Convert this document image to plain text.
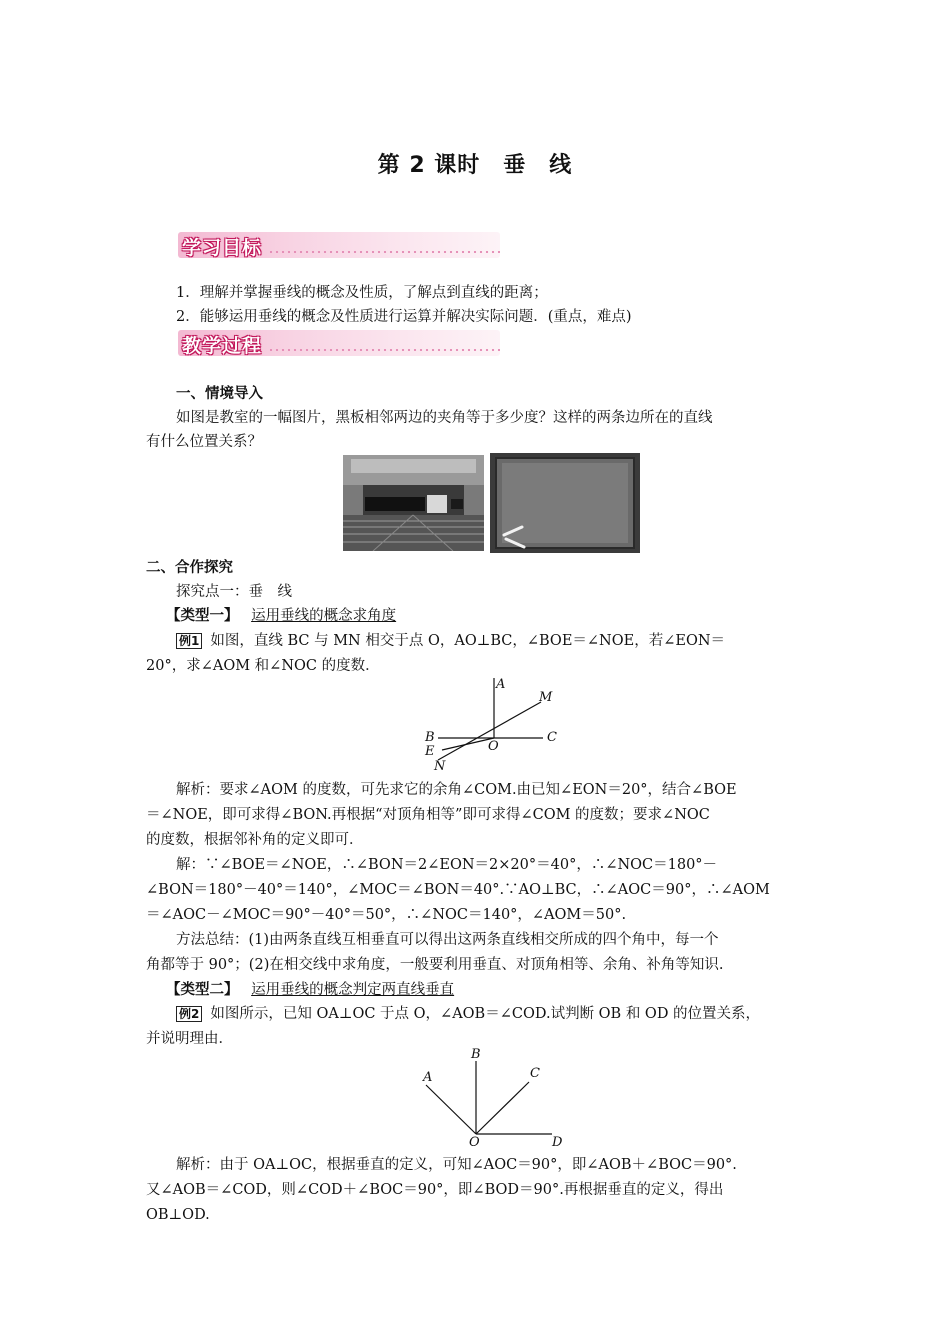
第 2 课时　垂　线
学习目标
1．理解并掌握垂线的概念及性质，了解点到直线的距离；
2．能够运用垂线的概念及性质进行运算并解决实际问题．(重点，难点)
教学过程
一、情境导入
如图是教室的一幅图片，黑板相邻两边的夹角等于多少度？这样的两条边所在的直线
有什么位置关系？
二、合作探究
探究点一：垂　线
【类型一】 运用垂线的概念求角度
例1 如图，直线 BC 与 MN 相交于点 O，AO⊥BC，∠BOE＝∠NOE，若∠EON＝
20°，求∠AOM 和∠NOC 的度数．
A
M
B	C
O
E
N
解析：要求∠AOM 的度数，可先求它的余角∠COM.由已知∠EON＝20°，结合∠BOE
＝∠NOE，即可求得∠BON.再根据“对顶角相等”即可求得∠COM 的度数；要求∠NOC
的度数，根据邻补角的定义即可．
解：∵∠BOE＝∠NOE，∴∠BON＝2∠EON＝2×20°＝40°，∴∠NOC＝180°－
∠BON＝180°－40°＝140°，∠MOC＝∠BON＝40°.∵AO⊥BC，∴∠AOC＝90°，∴∠AOM
＝∠AOC－∠MOC＝90°－40°＝50°，∴∠NOC＝140°，∠AOM＝50°.
方法总结：(1)由两条直线互相垂直可以得出这两条直线相交所成的四个角中，每一个
角都等于 90°；(2)在相交线中求角度，一般要利用垂直、对顶角相等、余角、补角等知识.
【类型二】 运用垂线的概念判定两直线垂直
例2 如图所示，已知 OA⊥OC 于点 O，∠AOB＝∠COD.试判断 OB 和 OD 的位置关系，
并说明理由．
A
B
C
D
O
解析：由于 OA⊥OC，根据垂直的定义，可知∠AOC＝90°，即∠AOB＋∠BOC＝90°.
又∠AOB＝∠COD，则∠COD＋∠BOC＝90°，即∠BOD＝90°.再根据垂直的定义，得出
OB⊥OD.
